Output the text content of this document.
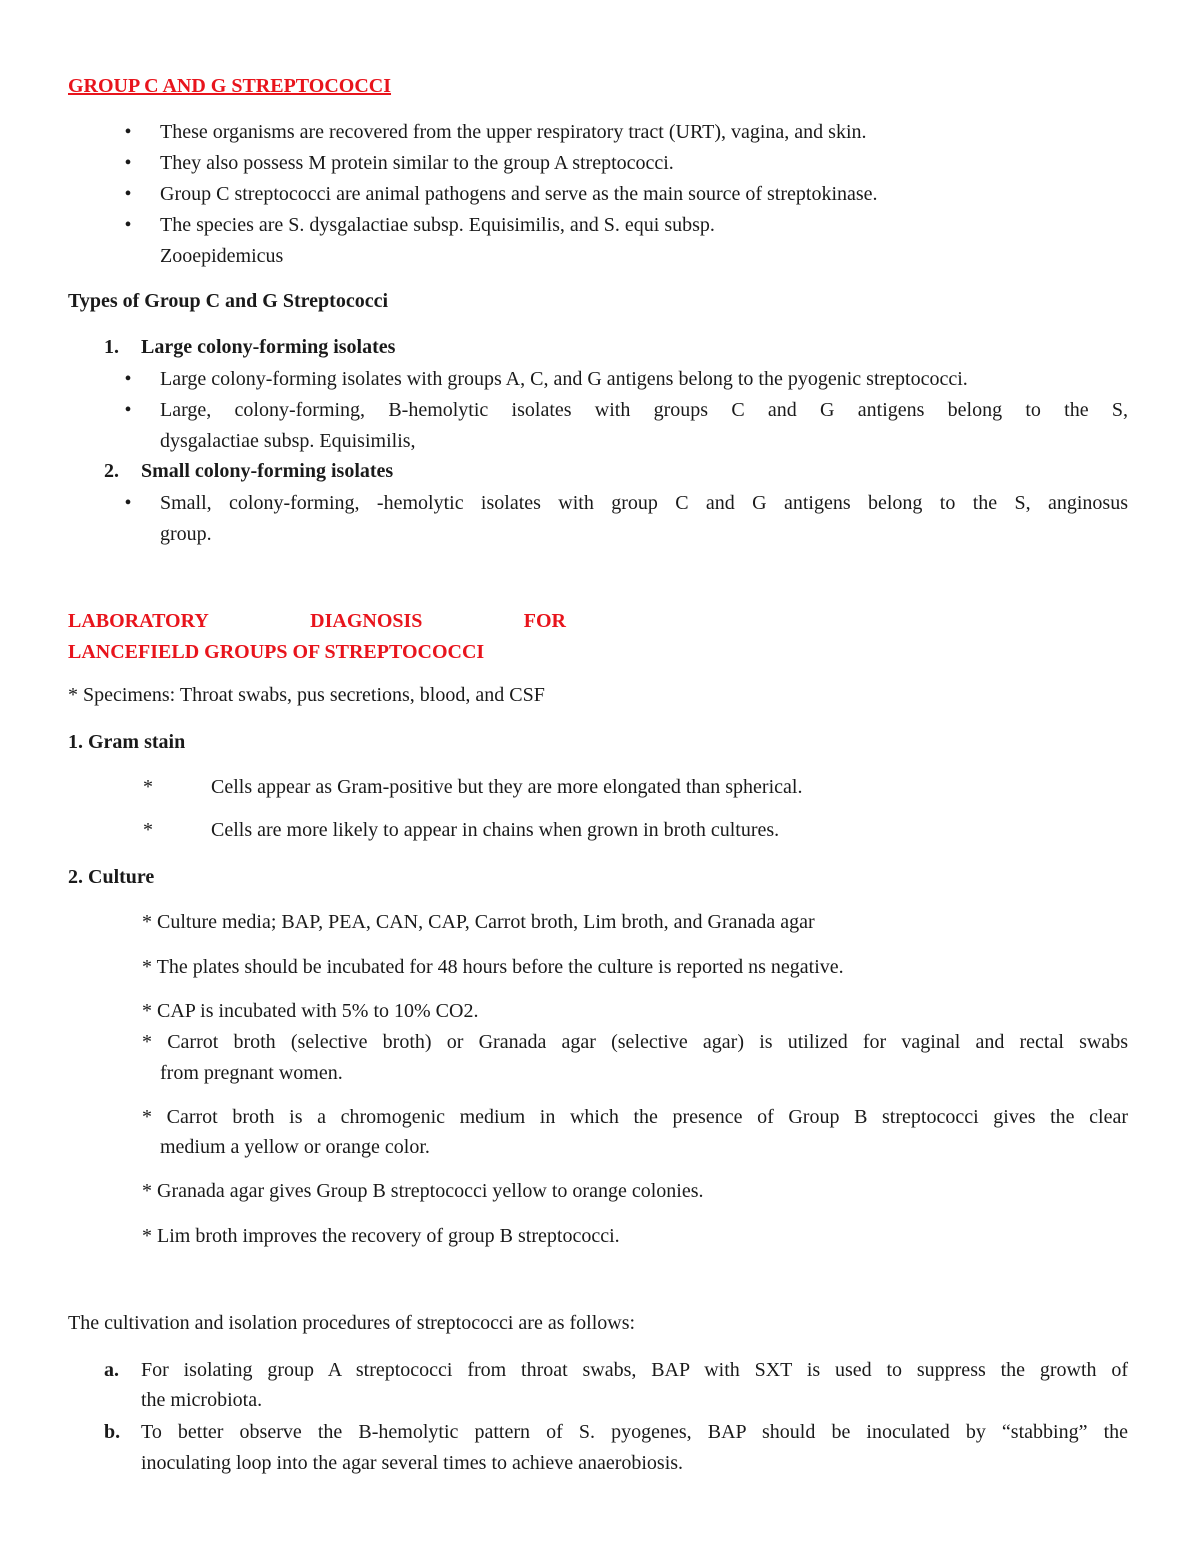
GROUP C AND G STREPTOCOCCI
•	These organisms are recovered from the upper respiratory tract (URT), vagina, and skin.
•	They also possess M protein similar to the group A streptococci.
•	Group C streptococci are animal pathogens and serve as the main source of streptokinase.
•	The species are S. dysgalactiae subsp. Equisimilis, and S. equi subsp.
Zooepidemicus
Types of Group C and G Streptococci
1.	Large colony-forming isolates
•	Large colony-forming isolates with groups A, C, and G antigens belong to the pyogenic streptococci.
•	Large, colony-forming, B-hemolytic isolates with groups C and G antigens belong to the S,
dysgalactiae subsp. Equisimilis,
2.	Small colony-forming isolates
•	Small, colony-forming, -hemolytic isolates with group C and G antigens belong to the S, anginosus
group.
LABORATORY	DIAGNOSIS	FOR
LANCEFIELD GROUPS OF STREPTOCOCCI
* Specimens: Throat swabs, pus secretions, blood, and CSF
1. Gram stain
*	Cells appear as Gram-positive but they are more elongated than spherical.
*	Cells are more likely to appear in chains when grown in broth cultures.
2. Culture
* Culture media; BAP, PEA, CAN, CAP, Carrot broth, Lim broth, and Granada agar
* The plates should be incubated for 48 hours before the culture is reported ns negative.
* CAP is incubated with 5% to 10% CO2.
* Carrot broth (selective broth) or Granada agar (selective agar) is utilized for vaginal and rectal swabs
from pregnant women.
* Carrot broth is a chromogenic medium in which the presence of Group B streptococci gives the clear
medium a yellow or orange color.
* Granada agar gives Group B streptococci yellow to orange colonies.
* Lim broth improves the recovery of group B streptococci.
The cultivation and isolation procedures of streptococci are as follows:
a.	For isolating group A streptococci from throat swabs, BAP with SXT is used to suppress the growth of
the microbiota.
b.	To better observe the B-hemolytic pattern of S. pyogenes, BAP should be inoculated by “stabbing” the
inoculating loop into the agar several times to achieve anaerobiosis.
